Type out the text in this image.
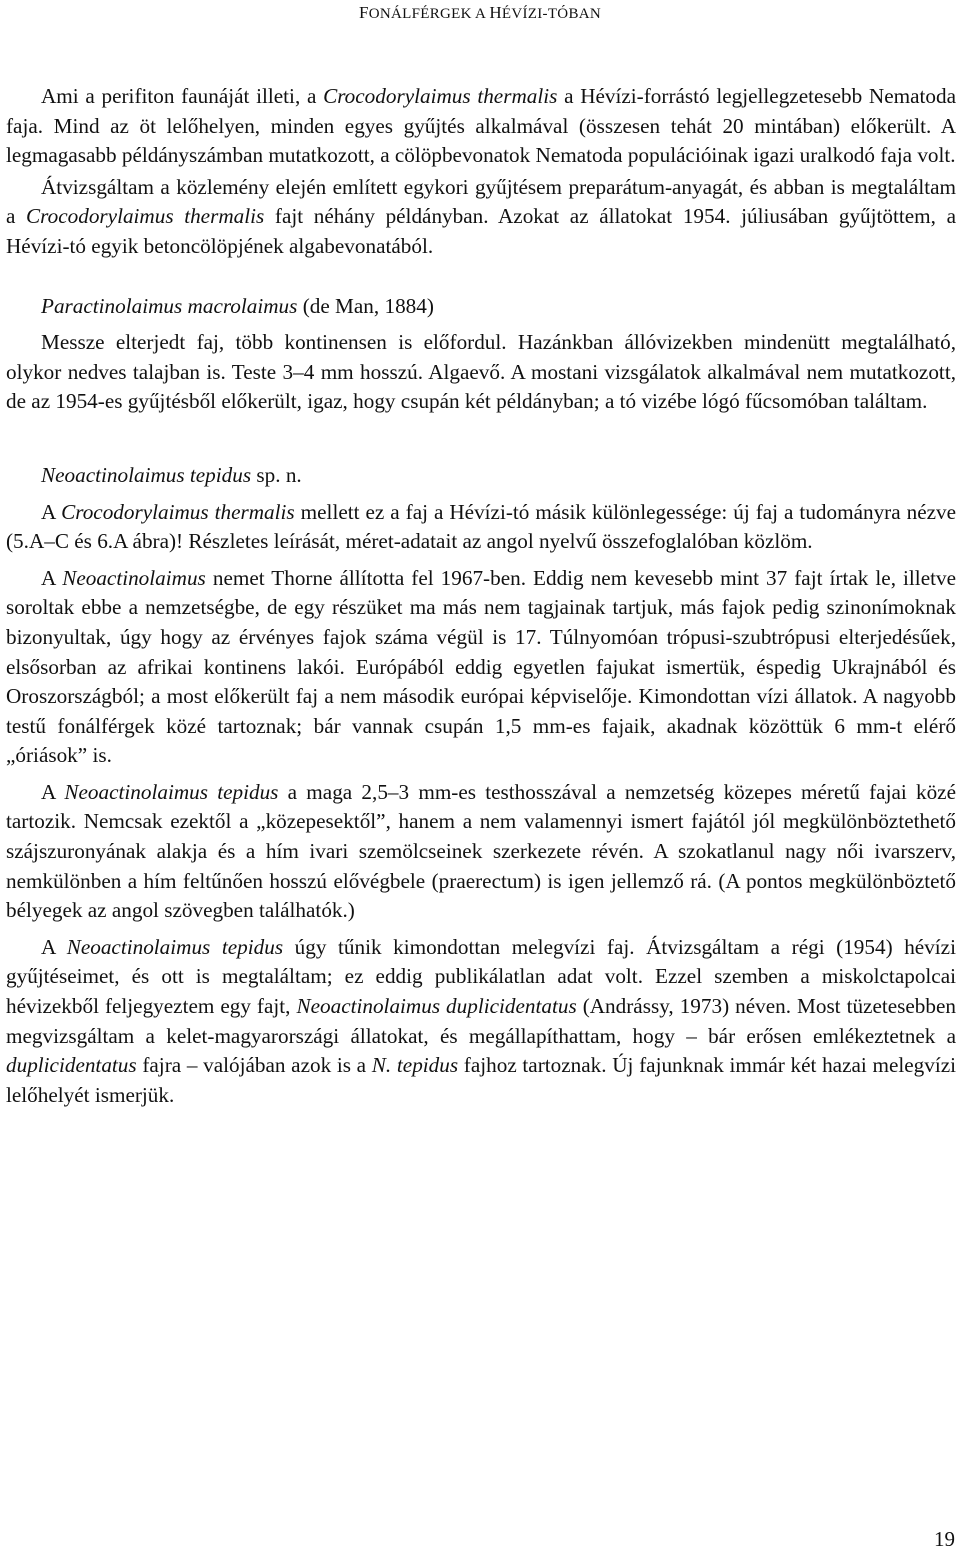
FONÁLFÉRGEK A HÉVÍZI-TÓBAN

Ami a perifiton faunáját illeti, a Crocodorylaimus thermalis a Hévízi-forrástó legjellegzetesebb Nematoda faja. Mind az öt lelőhelyen, minden egyes gyűjtés alkalmával (összesen tehát 20 mintában) előkerült. A legmagasabb példányszámban mutatkozott, a cölöpbevonatok Nematoda populációinak igazi uralkodó faja volt.

Átvizsgáltam a közlemény elején említett egykori gyűjtésem preparátum-anyagát, és abban is megtaláltam a Crocodorylaimus thermalis fajt néhány példányban. Azokat az állatokat 1954. júliusában gyűjtöttem, a Hévízi-tó egyik betoncölöpjének algabevonatából.

Paractinolaimus macrolaimus (de Man, 1884)

Messze elterjedt faj, több kontinensen is előfordul. Hazánkban állóvizekben mindenütt megtalálható, olykor nedves talajban is. Teste 3–4 mm hosszú. Algaevő. A mostani vizsgálatok alkalmával nem mutatkozott, de az 1954-es gyűjtésből előkerült, igaz, hogy csupán két példányban; a tó vizébe lógó fűcsomóban találtam.

Neoactinolaimus tepidus sp. n.

A Crocodorylaimus thermalis mellett ez a faj a Hévízi-tó másik különlegessége: új faj a tudományra nézve (5.A–C és 6.A ábra)! Részletes leírását, méret-adatait az angol nyelvű összefoglalóban közlöm.

A Neoactinolaimus nemet Thorne állította fel 1967-ben. Eddig nem kevesebb mint 37 fajt írtak le, illetve soroltak ebbe a nemzetségbe, de egy részüket ma más nem tagjainak tartjuk, más fajok pedig szinonímoknak bizonyultak, úgy hogy az érvényes fajok száma végül is 17. Túlnyomóan trópusi-szubtrópusi elterjedésűek, elsősorban az afrikai kontinens lakói. Európából eddig egyetlen fajukat ismertük, éspedig Ukrajnából és Oroszországból; a most előkerült faj a nem második európai képviselője. Kimondottan vízi állatok. A nagyobb testű fonálférgek közé tartoznak; bár vannak csupán 1,5 mm-es fajaik, akadnak közöttük 6 mm-t elérő „óriások” is.

A Neoactinolaimus tepidus a maga 2,5–3 mm-es testhosszával a nemzetség közepes méretű fajai közé tartozik. Nemcsak ezektől a „közepesektől”, hanem a nem valamennyi ismert fajától jól megkülönböztethető szájszuronyának alakja és a hím ivari szemölcseinek szerkezete révén. A szokatlanul nagy női ivarszerv, nemkülönben a hím feltűnően hosszú elővégbele (praerectum) is igen jellemző rá. (A pontos megkülönböztető bélyegek az angol szövegben találhatók.)

A Neoactinolaimus tepidus úgy tűnik kimondottan melegvízi faj. Átvizsgáltam a régi (1954) hévízi gyűjtéseimet, és ott is megtaláltam; ez eddig publikálatlan adat volt. Ezzel szemben a miskolctapolcai hévizekből feljegyeztem egy fajt, Neoactinolaimus duplicidentatus (Andrássy, 1973) néven. Most tüzetesebben megvizsgáltam a kelet-magyarországi állatokat, és megállapíthattam, hogy – bár erősen emlékeztetnek a duplicidentatus fajra – valójában azok is a N. tepidus fajhoz tartoznak. Új fajunknak immár két hazai melegvízi lelőhelyét ismerjük.

19
